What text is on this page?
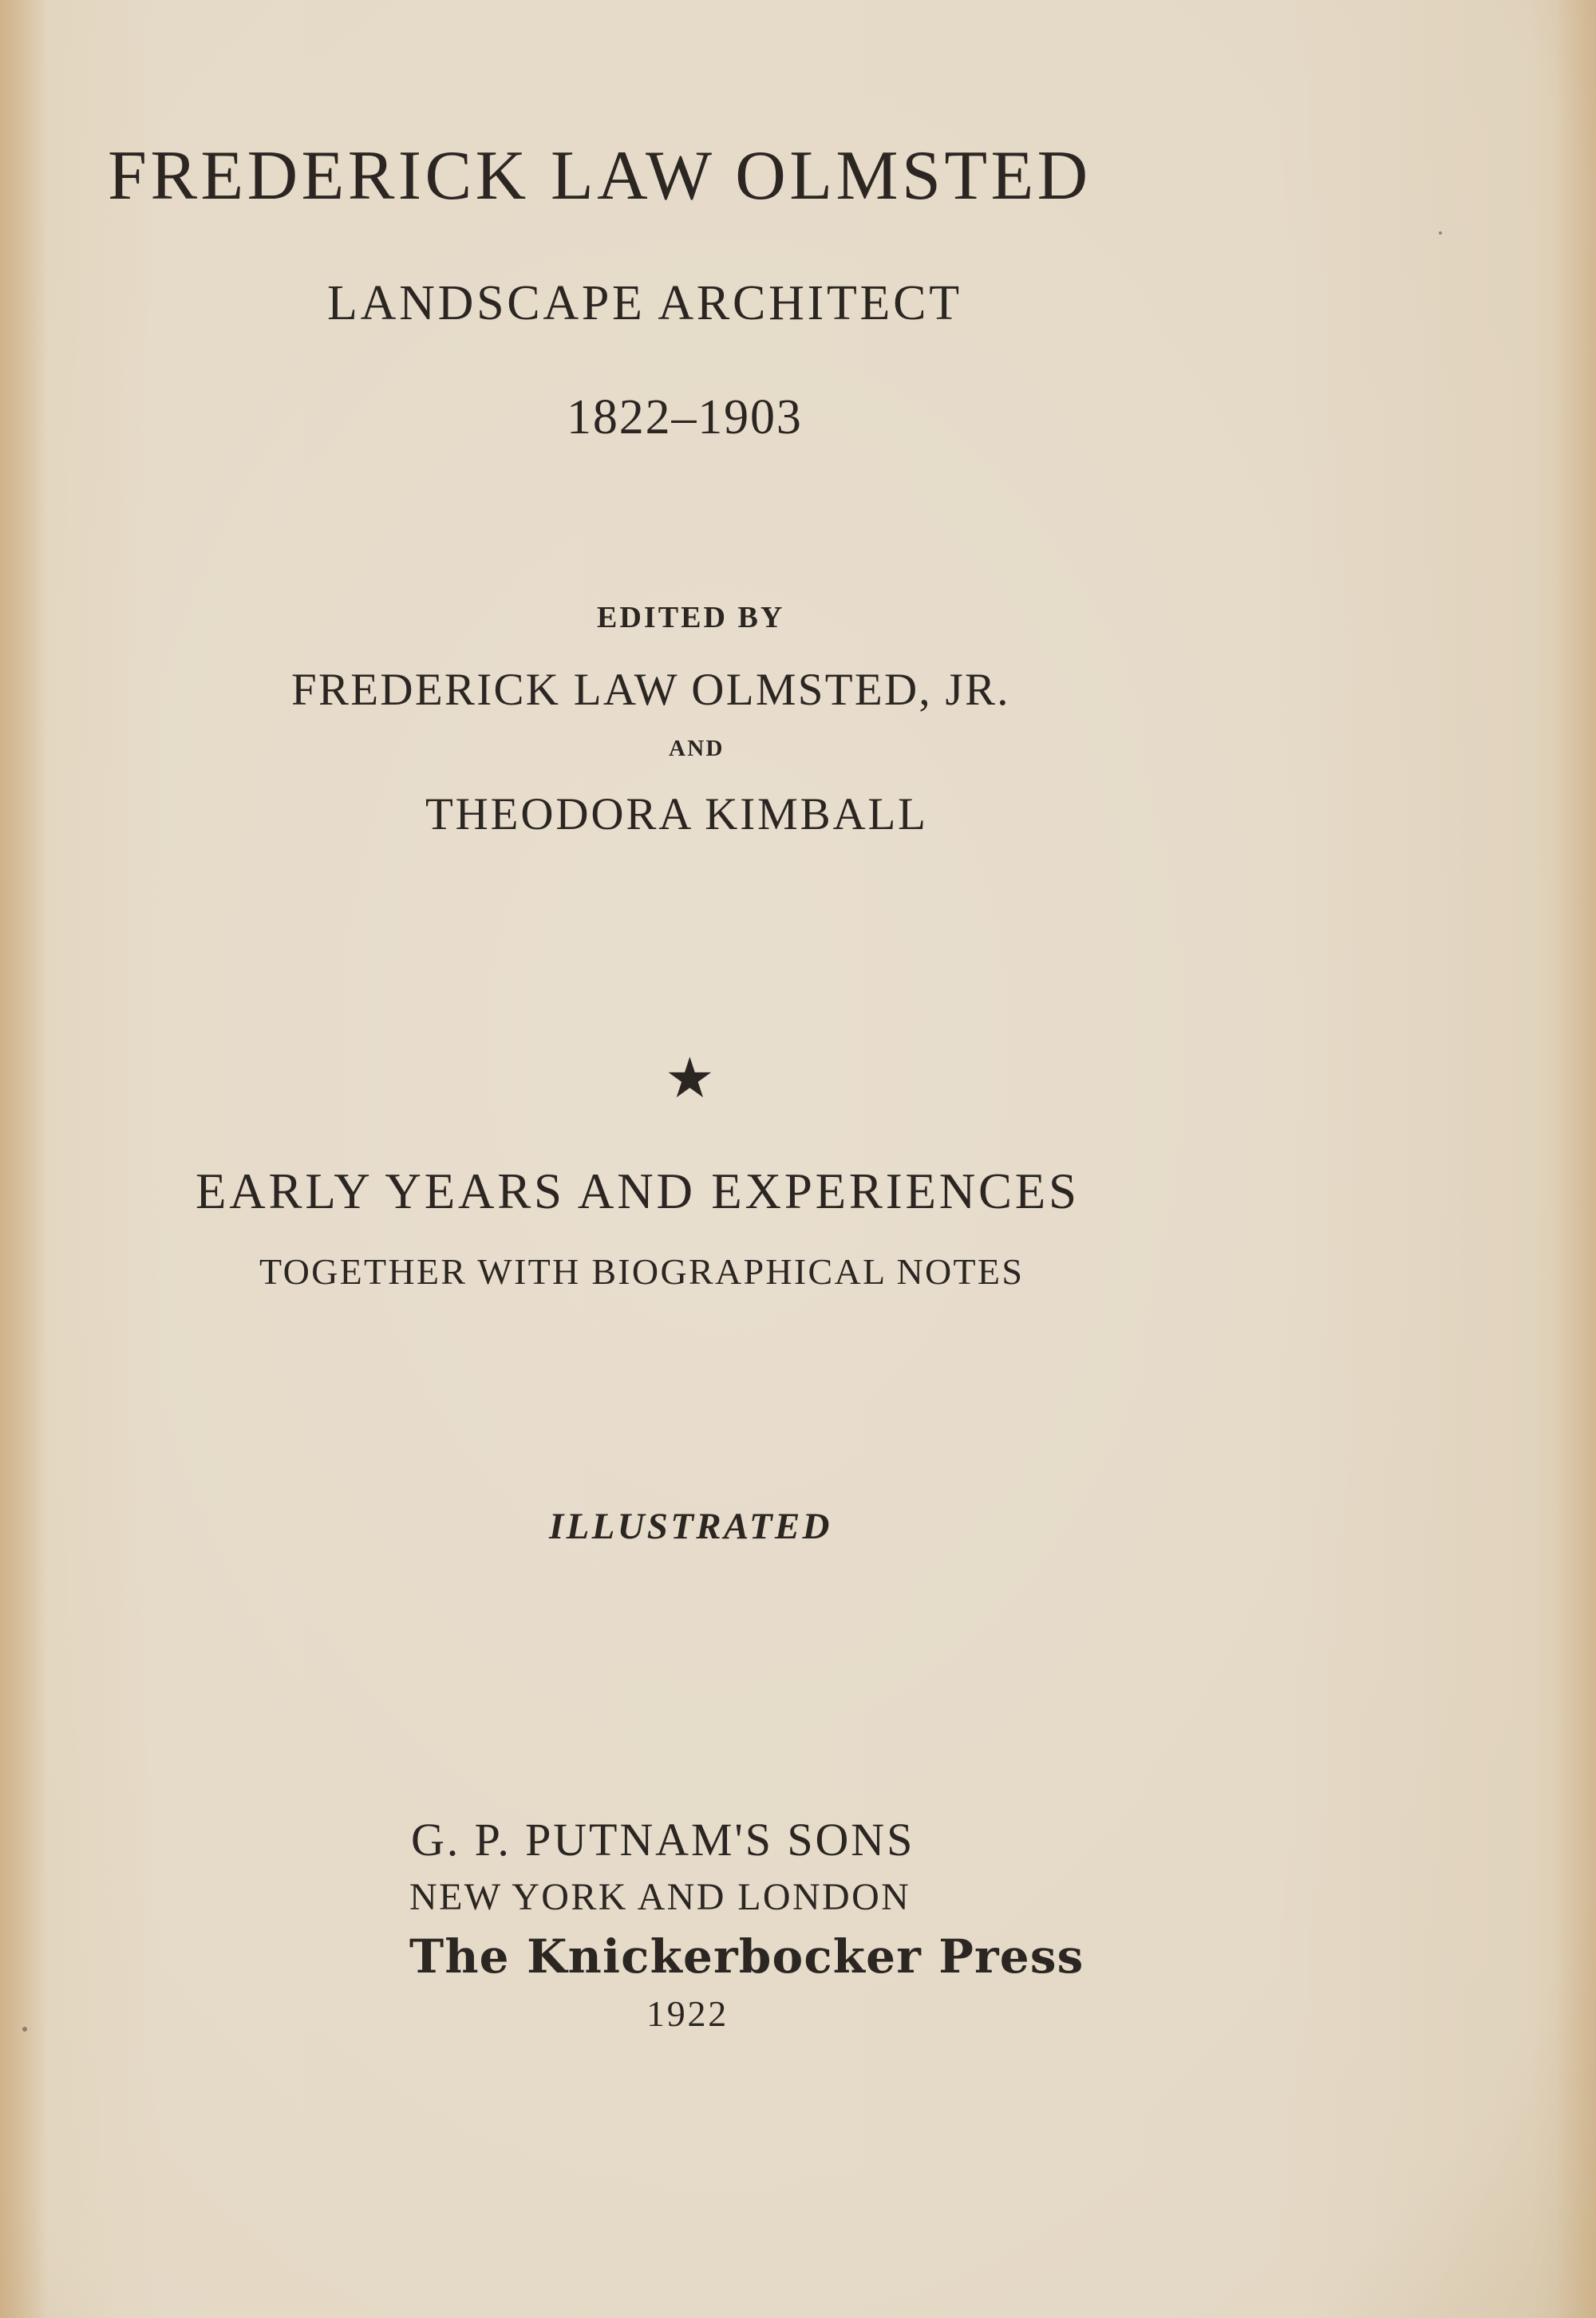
FREDERICK LAW OLMSTED
LANDSCAPE ARCHITECT
1822–1903
EDITED BY
FREDERICK LAW OLMSTED, JR.
AND
THEODORA KIMBALL
★
EARLY YEARS AND EXPERIENCES
TOGETHER WITH BIOGRAPHICAL NOTES
ILLUSTRATED
G. P. PUTNAM'S SONS
NEW YORK AND LONDON
The Knickerbocker Press
1922
